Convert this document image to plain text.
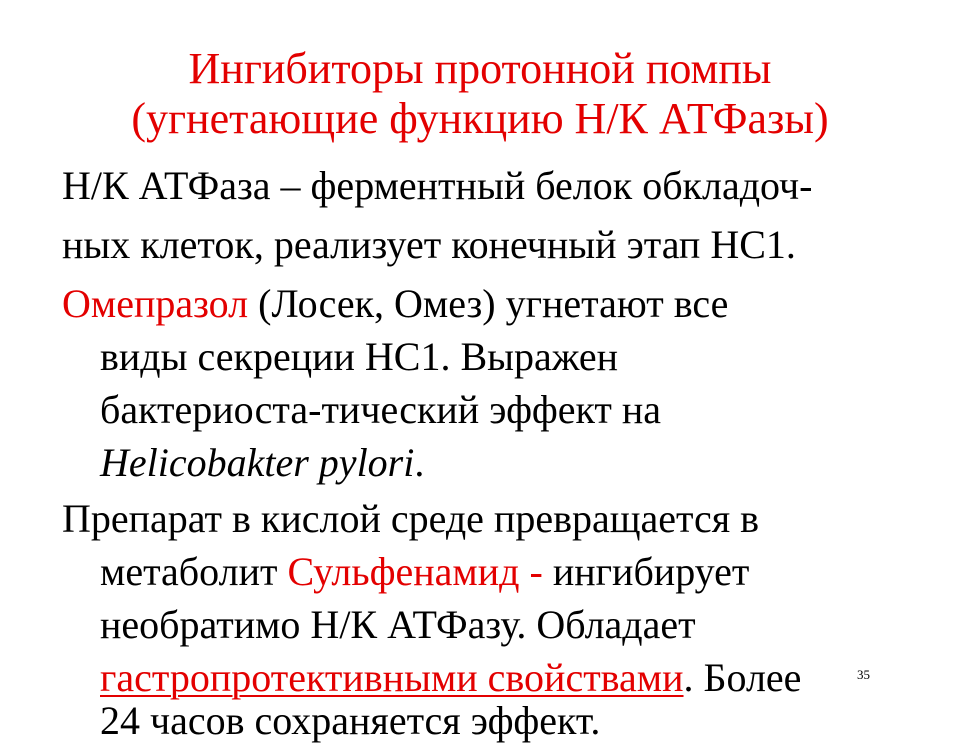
Ингибиторы протонной помпы
(угнетающие функцию Н/К АТФазы)
Н/К АТФаза – ферментный белок обкладоч-
ных клеток, реализует конечный этап НС1.
Омепразол (Лосек, Омез) угнетают все
виды секреции НС1. Выражен
бактериоста-тический эффект на
Helicobakter pylori.
Препарат в кислой среде превращается в
метаболит Сульфенамид - ингибирует
необратимо Н/К АТФазу. Обладает
гастропротективными свойствами. Более
24 часов сохраняется эффект.
35
